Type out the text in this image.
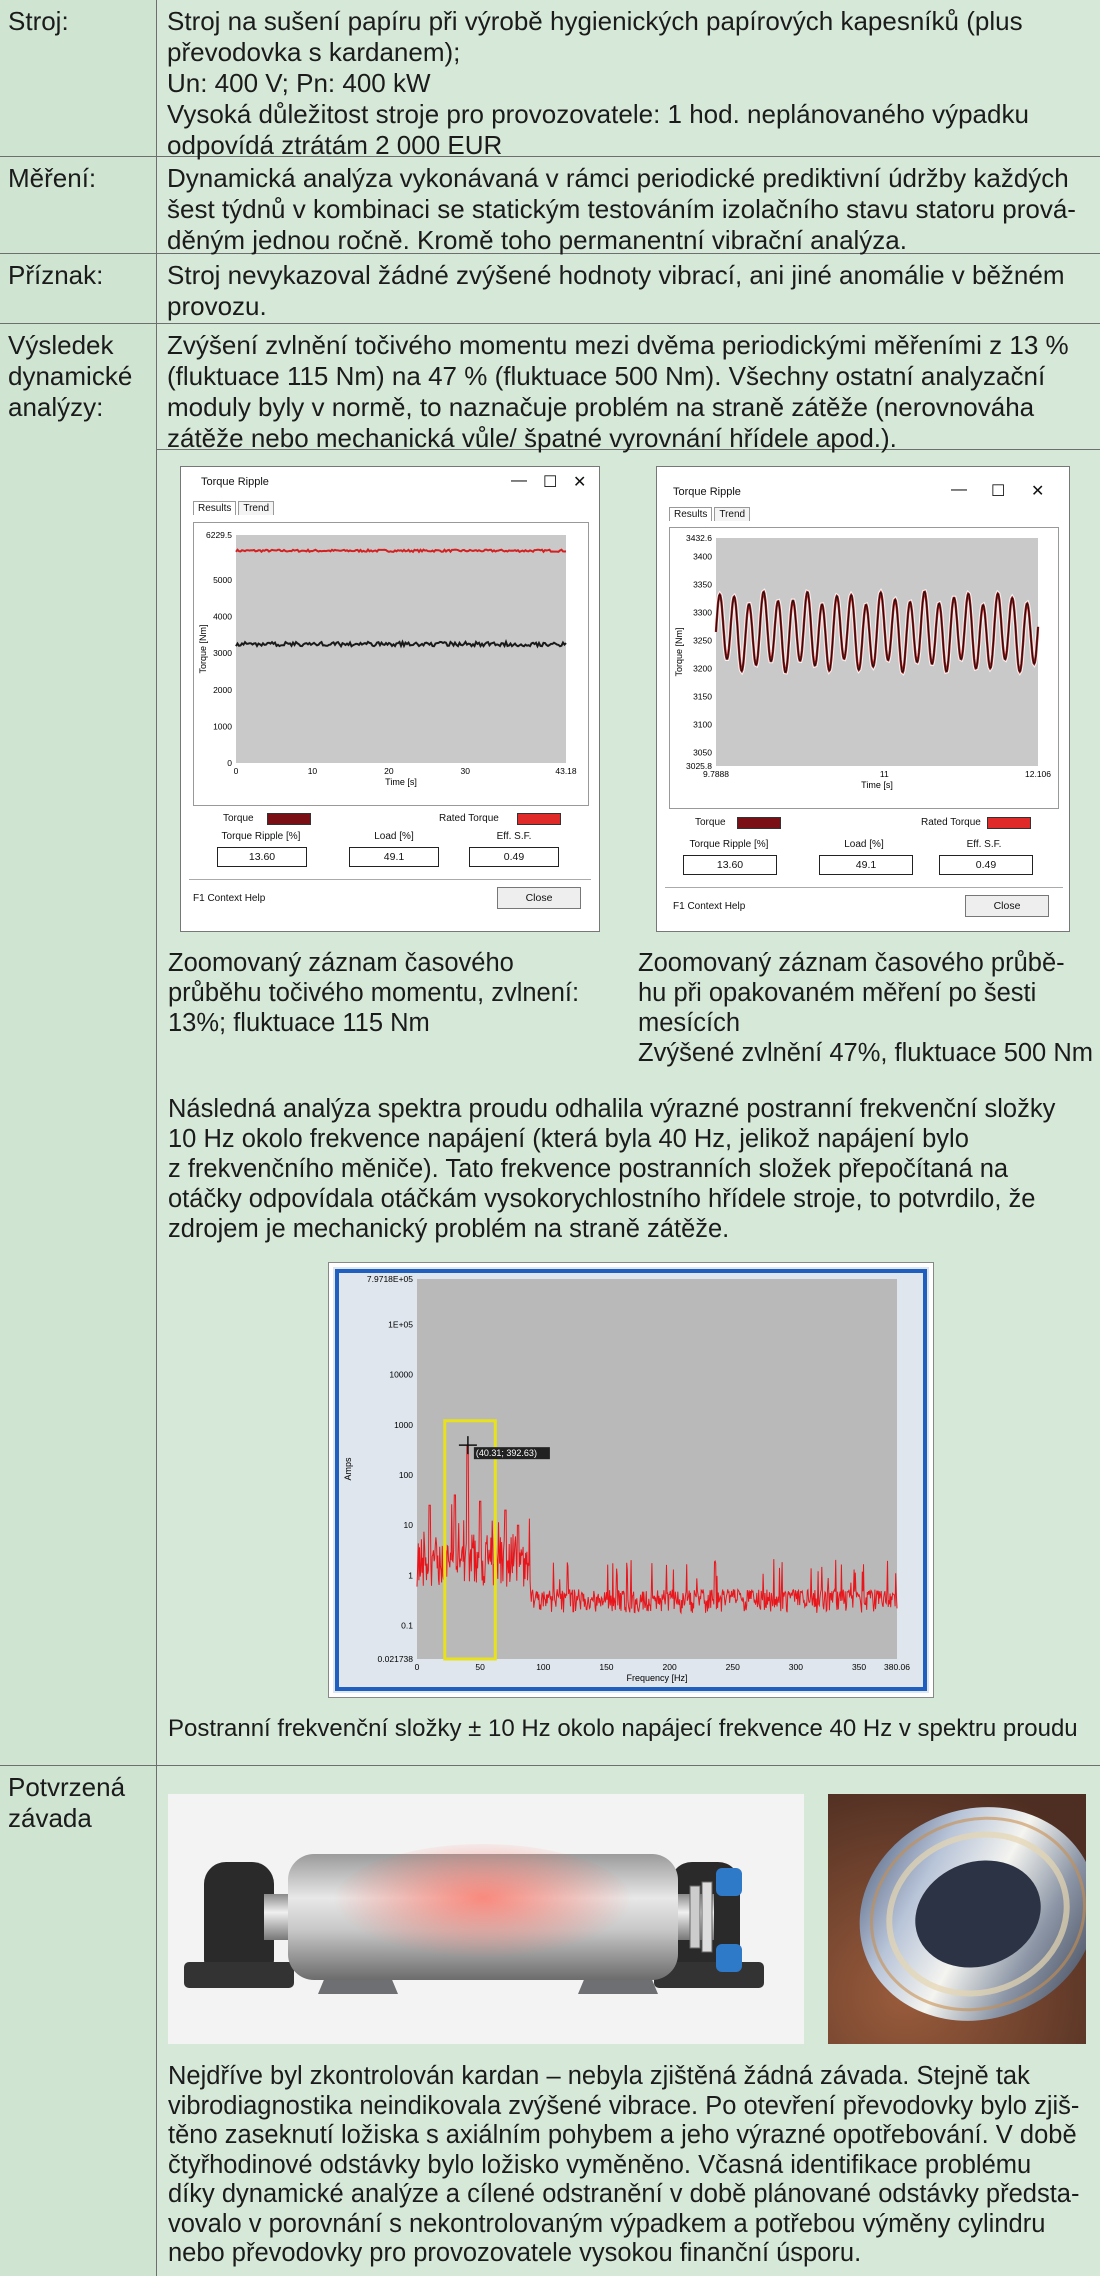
Stroj:	Stroj na sušení papíru při výrobě hygienických papírových kapesníků (plus
převodovka s kardanem);
Un: 400 V; Pn: 400 kW
Vysoká důležitost stroje pro provozovatele: 1 hod. neplánovaného výpadku
odpovídá ztrátám 2 000 EUR
Měření:	Dynamická analýza vykonávaná v rámci periodické prediktivní údržby každých
šest týdnů v kombinaci se statickým testováním izolačního stavu statoru prová-
děným jednou ročně. Kromě toho permanentní vibrační analýza.
Příznak:	Stroj nevykazoval žádné zvýšené hodnoty vibrací, ani jiné anomálie v běžném
provozu.
Výsledek
dynamické
analýzy:
Zvýšení zvlnění točivého momentu mezi dvěma periodickými měřeními z 13 %
(fluktuace 115 Nm) na 47 % (fluktuace 500 Nm). Všechny ostatní analyzační
moduly byly v normě, to naznačuje problém na straně zátěže (nerovnováha
zátěže nebo mechanická vůle/ špatné vyrovnání hřídele apod.).
Torque Ripple	— ☐ ✕
Results Trend
0
1000
2000
3000
4000
5000
6229.5
0	10	20	30	43.18
Time [s]
Torque [Nm]
Torque	Rated Torque
Torque Ripple [%]	Load [%]	Eff. S.F.
13.60	49.1	0.49
F1 Context Help	Close
Torque Ripple	— ☐ ✕
Results Trend
3025.8
3050
3100
3150
3200
3250
3300
3350
3400
3432.6
9.7888	11	12.106
Time [s]
Torque [Nm]
Torque	Rated Torque
Torque Ripple [%]	Load [%]	Eff. S.F.
13.60	49.1	0.49
F1 Context Help	Close
Zoomovaný záznam časového
průběhu točivého momentu, zvlnení:
13%; fluktuace 115 Nm
Zoomovaný záznam časového průbě-
hu při opakovaném měření po šesti
mesících
Zvýšené zvlnění 47%, fluktuace 500 Nm
Následná analýza spektra proudu odhalila výrazné postranní frekvenční složky
10 Hz okolo frekvence napájení (která byla 40 Hz, jelikož napájení bylo
z frekvenčního měniče). Tato frekvence postranních složek přepočítaná na
otáčky odpovídala otáčkám vysokorychlostního hřídele stroje, to potvrdilo, že
zdrojem je mechanický problém na straně zátěže.
7.9718E+05
1E+05
10000
1000
100
10
1
0.1
0.021738
0	50	100	150	200	250	300	350 380.06
Frequency [Hz]
Amps
(40.31; 392.63)
Postranní frekvenční složky ± 10 Hz okolo napájecí frekvence 40 Hz v spektru proudu
Potvrzená
závada
Nejdříve byl zkontrolován kardan – nebyla zjištěná žádná závada. Stejně tak
vibrodiagnostika neindikovala zvýšené vibrace. Po otevření převodovky bylo zjiš-
těno zaseknutí ložiska s axiálním pohybem a jeho výrazné opotřebování. V době
čtyřhodinové odstávky bylo ložisko vyměněno. Včasná identifikace problému
díky dynamické analýze a cílené odstranění v době plánované odstávky předsta-
vovalo v porovnání s nekontrolovaným výpadkem a potřebou výměny cylindru
nebo převodovky pro provozovatele vysokou finanční úsporu.
